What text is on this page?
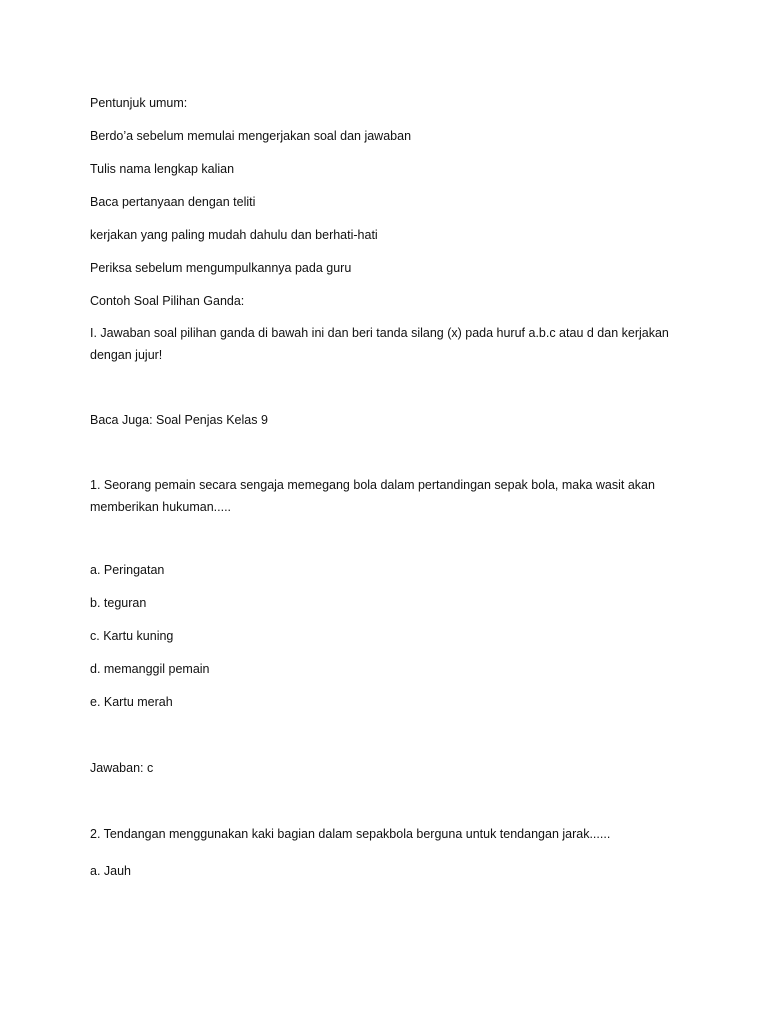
Pentunjuk umum:
Berdo’a sebelum memulai mengerjakan soal dan jawaban
Tulis nama lengkap kalian
Baca pertanyaan dengan teliti
kerjakan yang paling mudah dahulu dan berhati-hati
Periksa sebelum mengumpulkannya pada guru
Contoh Soal Pilihan Ganda:
I. Jawaban soal pilihan ganda di bawah ini dan beri tanda silang (x) pada huruf a.b.c atau d dan kerjakan dengan jujur!
Baca Juga: Soal Penjas Kelas 9
1. Seorang pemain secara sengaja memegang bola dalam pertandingan sepak bola, maka wasit akan memberikan hukuman.....
a. Peringatan
b. teguran
c. Kartu kuning
d. memanggil pemain
e. Kartu merah
Jawaban: c
2. Tendangan menggunakan kaki bagian dalam sepakbola berguna untuk tendangan jarak......
a. Jauh
